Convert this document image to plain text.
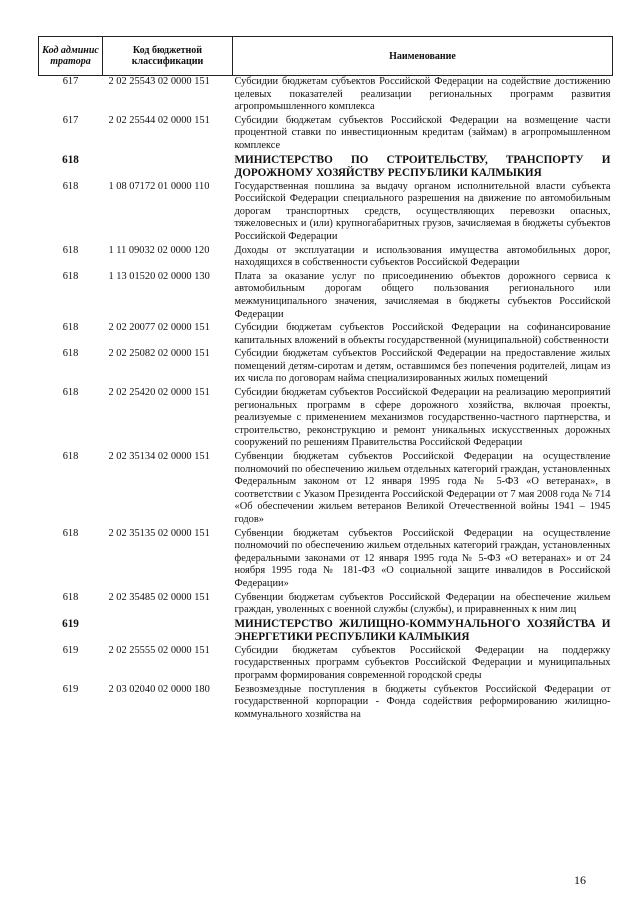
Код админис тратора	Код бюджетной классификации	Наименование
617	2 02 25543 02 0000 151	Субсидии бюджетам субъектов Российской Федерации на содействие достижению целевых показателей реализации региональных программ развития агропромышленного комплекса
617	2 02 25544 02 0000 151	Субсидии бюджетам субъектов Российской Федерации на возмещение части процентной ставки по инвестиционным кредитам (займам) в агропромышленном комплексе
618		МИНИСТЕРСТВО ПО СТРОИТЕЛЬСТВУ, ТРАНСПОРТУ И ДОРОЖНОМУ ХОЗЯЙСТВУ РЕСПУБЛИКИ КАЛМЫКИЯ
618	1 08 07172 01 0000 110	Государственная пошлина за выдачу органом исполнительной власти субъекта Российской Федерации специального разрешения на движение по автомобильным дорогам транспортных средств, осуществляющих перевозки опасных, тяжеловесных и (или) крупногабаритных грузов, зачисляемая в бюджеты субъектов Российской Федерации
618	1 11 09032 02 0000 120	Доходы от эксплуатации и использования имущества автомобильных дорог, находящихся в собственности субъектов Российской Федерации
618	1 13 01520 02 0000 130	Плата за оказание услуг по присоединению объектов дорожного сервиса к автомобильным дорогам общего пользования регионального или межмуниципального значения, зачисляемая в бюджеты субъектов Российской Федерации
618	2 02 20077 02 0000 151	Субсидии бюджетам субъектов Российской Федерации на софинансирование капитальных вложений в объекты государственной (муниципальной) собственности
618	2 02 25082 02 0000 151	Субсидии бюджетам субъектов Российской Федерации на предоставление жилых помещений детям-сиротам и детям, оставшимся без попечения родителей, лицам из их числа по договорам найма специализированных жилых помещений
618	2 02 25420 02 0000 151	Субсидии бюджетам субъектов Российской Федерации на реализацию мероприятий региональных программ в сфере дорожного хозяйства, включая проекты, реализуемые с применением механизмов государственно-частного партнерства, и строительство, реконструкцию и ремонт уникальных искусственных дорожных сооружений по решениям Правительства Российской Федерации
618	2 02 35134 02 0000 151	Субвенции бюджетам субъектов Российской Федерации на осуществление полномочий по обеспечению жильем отдельных категорий граждан, установленных Федеральным законом от 12 января 1995 года № 5-ФЗ «О ветеранах», в соответствии с Указом Президента Российской Федерации от 7 мая 2008 года № 714 «Об обеспечении жильем ветеранов Великой Отечественной войны 1941 – 1945 годов»
618	2 02 35135 02 0000 151	Субвенции бюджетам субъектов Российской Федерации на осуществление полномочий по обеспечению жильем отдельных категорий граждан, установленных федеральными законами от 12 января 1995 года № 5-ФЗ «О ветеранах» и от 24 ноября 1995 года № 181-ФЗ «О социальной защите инвалидов в Российской Федерации»
618	2 02 35485 02 0000 151	Субвенции бюджетам субъектов Российской Федерации на обеспечение жильем граждан, уволенных с военной службы (службы), и приравненных к ним лиц
619		МИНИСТЕРСТВО ЖИЛИЩНО-КОММУНАЛЬНОГО ХОЗЯЙСТВА И ЭНЕРГЕТИКИ РЕСПУБЛИКИ КАЛМЫКИЯ
619	2 02 25555 02 0000 151	Субсидии бюджетам субъектов Российской Федерации на поддержку государственных программ субъектов Российской Федерации и муниципальных программ формирования современной городской среды
619	2 03 02040 02 0000 180	Безвозмездные поступления в бюджеты субъектов Российской Федерации от государственной корпорации - Фонда содействия реформированию жилищно-коммунального хозяйства на
16
